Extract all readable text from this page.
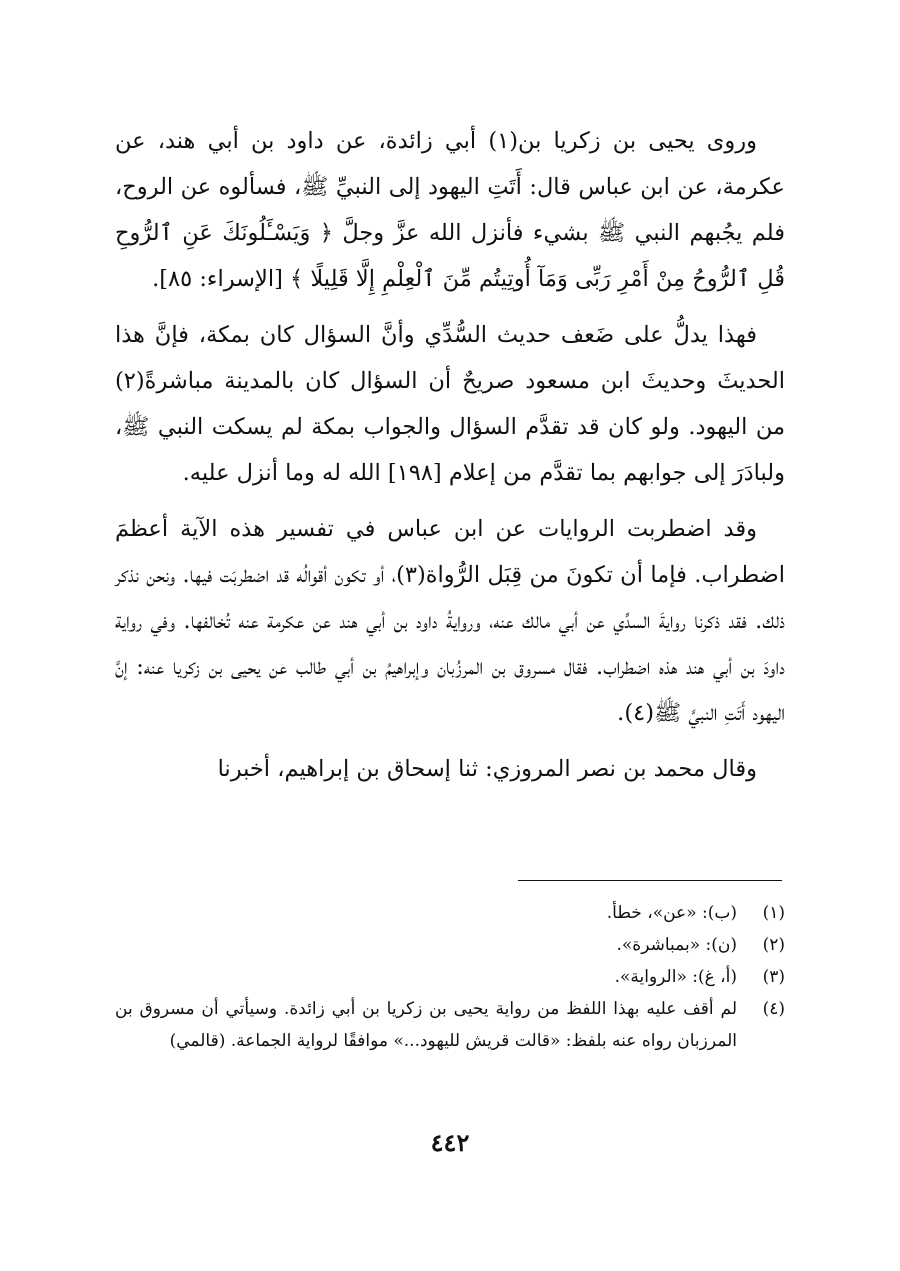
وروى يحيى بن زكريا بن(١) أبي زائدة، عن داود بن أبي هند، عن عكرمة، عن ابن عباس قال: أَتَتِ اليهود إلى النبيِّ ﷺ، فسألوه عن الروح، فلم يجُبهم النبي ﷺ بشيء فأنزل الله عزَّ وجلَّ ﴿ وَيَسْـَٔلُونَكَ عَنِ ٱلرُّوحِ قُلِ ٱلرُّوحُ مِنْ أَمْرِ رَبِّى وَمَآ أُوتِيتُم مِّنَ ٱلْعِلْمِ إِلَّا قَلِيلًا ﴾ [الإسراء: ٨٥].

فهذا يدلُّ على ضَعف حديث السُّدِّي وأنَّ السؤال كان بمكة، فإنَّ هذا الحديثَ وحديثَ ابن مسعود صريحٌ أن السؤال كان بالمدينة مباشرةً(٢) من اليهود. ولو كان قد تقدَّم السؤال والجواب بمكة لم يسكت النبي ﷺ، ولبادَرَ إلى جوابهم بما تقدَّم من إعلام [١٩٨] الله له وما أنزل عليه.

وقد اضطربت الروايات عن ابن عباس في تفسير هذه الآية أعظمَ اضطراب. فإما أن تكونَ من قِبَل الرُّواة(٣)، أو تكون أقوالُه قد اضطربَت فيها. ونحن نذكر ذلك. فقد ذكرنا روايةَ السدِّي عن أبي مالك عنه، وروايةُ داود بن أبي هند عن عكرمة عنه تُخالفها. وفي رواية داودَ بن أبي هند هذه اضطراب. فقال مسروق بن المرزُبان وإبراهيمُ بن أبي طالب عن يحيى بن زكريا عنه: إنَّ اليهود أَتَتِ النبيَّ ﷺ(٤).

وقال محمد بن نصر المروزي: ثنا إسحاق بن إبراهيم، أخبرنا

(١)
(ب): «عن»، خطأ.
(٢)
(ن): «بمباشرة».
(٣)
(أ، غ): «الرواية».
(٤)
لم أقف عليه بهذا اللفظ من رواية يحيى بن زكريا بن أبي زائدة. وسيأتي أن مسروق بن المرزبان رواه عنه بلفظ: «قالت قريش لليهود...» موافقًا لرواية الجماعة. (قالمي)
٤٤٢
